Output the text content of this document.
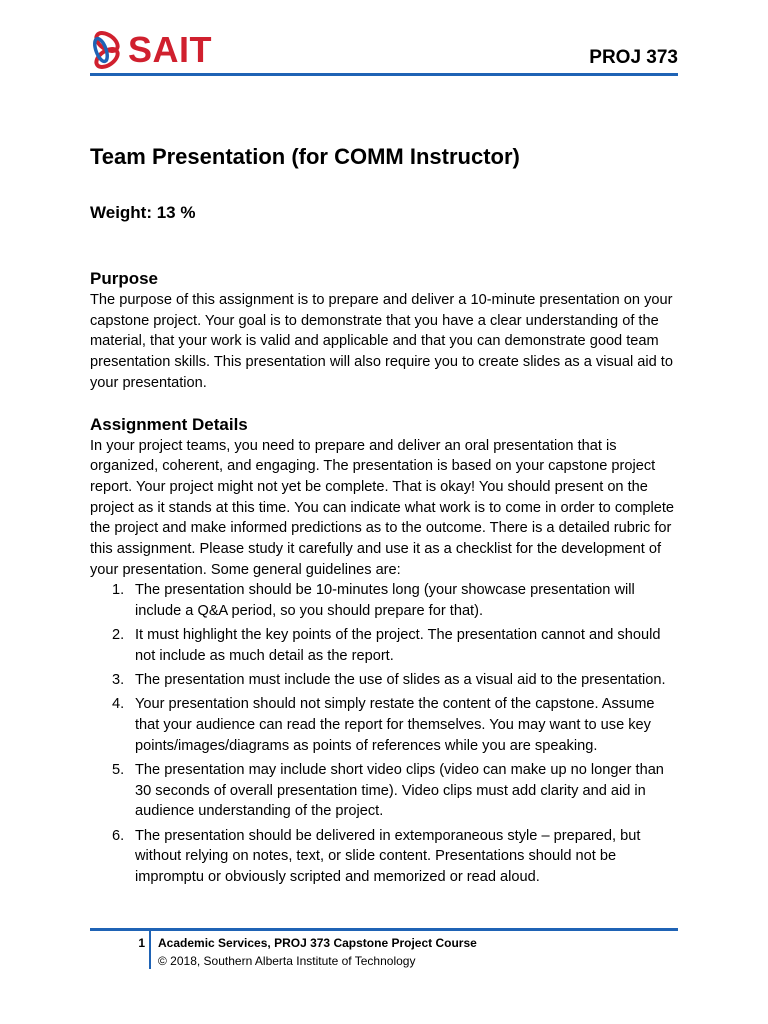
SAIT	PROJ 373
Team Presentation (for COMM Instructor)
Weight: 13 %
Purpose

The purpose of this assignment is to prepare and deliver a 10-minute presentation on your capstone project. Your goal is to demonstrate that you have a clear understanding of the material, that your work is valid and applicable and that you can demonstrate good team presentation skills. This presentation will also require you to create slides as a visual aid to your presentation.

Assignment Details

In your project teams, you need to prepare and deliver an oral presentation that is organized, coherent, and engaging. The presentation is based on your capstone project report. Your project might not yet be complete. That is okay! You should present on the project as it stands at this time. You can indicate what work is to come in order to complete the project and make informed predictions as to the outcome. There is a detailed rubric for this assignment. Please study it carefully and use it as a checklist for the development of your presentation. Some general guidelines are:

1. The presentation should be 10-minutes long (your showcase presentation will include a Q&A period, so you should prepare for that).
2. It must highlight the key points of the project. The presentation cannot and should not include as much detail as the report.
3. The presentation must include the use of slides as a visual aid to the presentation.
4. Your presentation should not simply restate the content of the capstone. Assume that your audience can read the report for themselves. You may want to use key points/images/diagrams as points of references while you are speaking.
5. The presentation may include short video clips (video can make up no longer than 30 seconds of overall presentation time). Video clips must add clarity and aid in audience understanding of the project.
6. The presentation should be delivered in extemporaneous style – prepared, but without relying on notes, text, or slide content. Presentations should not be impromptu or obviously scripted and memorized or read aloud.
1 Academic Services, PROJ 373 Capstone Project Course
© 2018, Southern Alberta Institute of Technology
